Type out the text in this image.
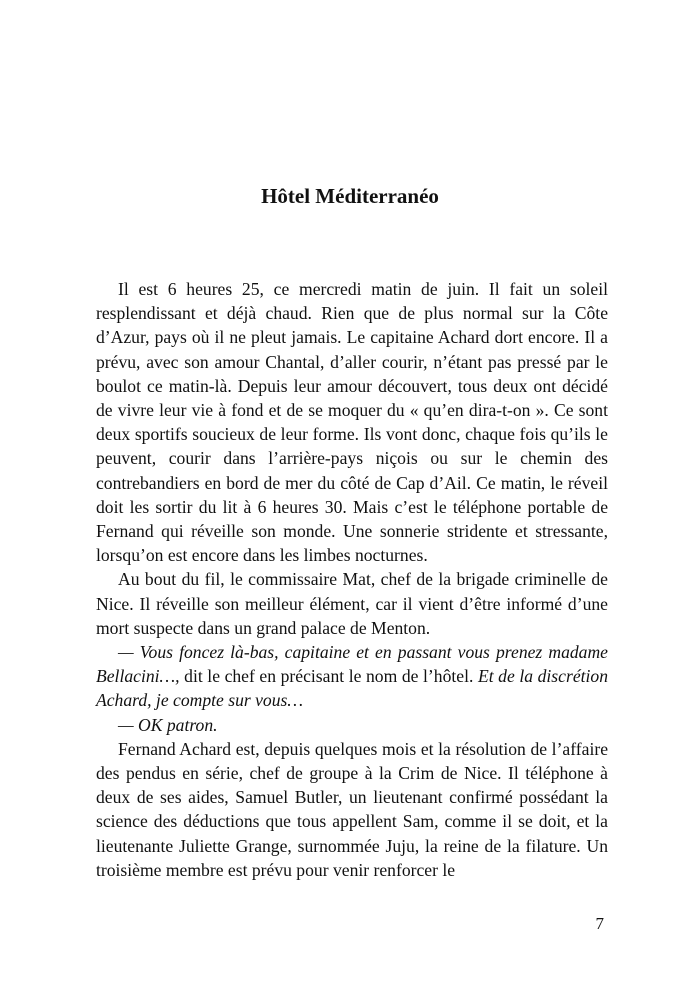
Hôtel Méditerranéo

Il est 6 heures 25, ce mercredi matin de juin. Il fait un soleil resplendissant et déjà chaud. Rien que de plus normal sur la Côte d’Azur, pays où il ne pleut jamais. Le capitaine Achard dort encore. Il a prévu, avec son amour Chantal, d’aller courir, n’étant pas pressé par le boulot ce matin-là. Depuis leur amour découvert, tous deux ont décidé de vivre leur vie à fond et de se moquer du « qu’en dira-t-on ». Ce sont deux sportifs soucieux de leur forme. Ils vont donc, chaque fois qu’ils le peuvent, courir dans l’arrière-pays niçois ou sur le chemin des contrebandiers en bord de mer du côté de Cap d’Ail. Ce matin, le réveil doit les sortir du lit à 6 heures 30. Mais c’est le téléphone portable de Fernand qui réveille son monde. Une sonnerie stridente et stressante, lorsqu’on est encore dans les limbes nocturnes.

Au bout du fil, le commissaire Mat, chef de la brigade criminelle de Nice. Il réveille son meilleur élément, car il vient d’être informé d’une mort suspecte dans un grand palace de Menton.

— Vous foncez là-bas, capitaine et en passant vous prenez madame Bellacini…, dit le chef en précisant le nom de l’hôtel. Et de la discrétion Achard, je compte sur vous…

— OK patron.

Fernand Achard est, depuis quelques mois et la résolution de l’affaire des pendus en série, chef de groupe à la Crim de Nice. Il téléphone à deux de ses aides, Samuel Butler, un lieutenant confirmé possédant la science des déductions que tous appellent Sam, comme il se doit, et la lieutenante Juliette Grange, surnommée Juju, la reine de la filature. Un troisième membre est prévu pour venir renforcer le

7
